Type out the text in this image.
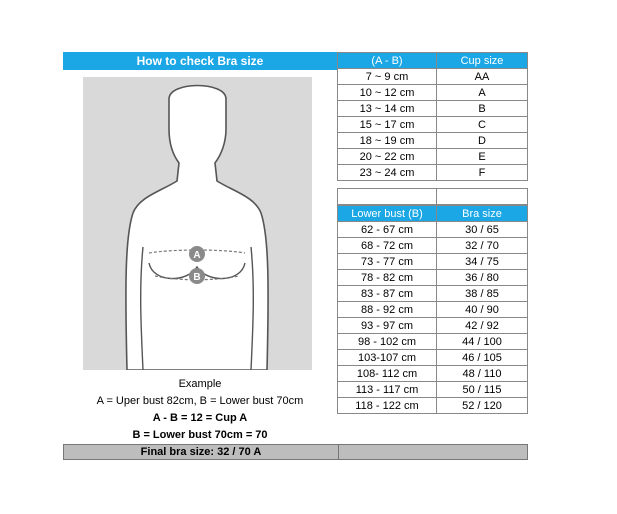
How to check Bra size
A
B
Example
A = Uper bust 82cm, B = Lower bust 70cm
A - B = 12 = Cup A
B = Lower bust 70cm = 70
Final bra size: 32 / 70 A
(A - B)	Cup size
7 ~ 9 cm	AA
10 ~ 12 cm	A
13 ~ 14 cm	B
15 ~ 17 cm	C
18 ~ 19 cm	D
20 ~ 22 cm	E
23 ~ 24 cm	F

Lower bust (B)	Bra size
62 - 67 cm	30 / 65
68 - 72 cm	32 / 70
73 - 77 cm	34 / 75
78 - 82 cm	36 / 80
83 - 87 cm	38 / 85
88 - 92 cm	40 / 90
93 - 97 cm	42 / 92
98 - 102 cm	44 / 100
103-107 cm	46 / 105
108- 112 cm	48 / 110
113 - 117 cm	50 / 115
118 - 122 cm	52 / 120
